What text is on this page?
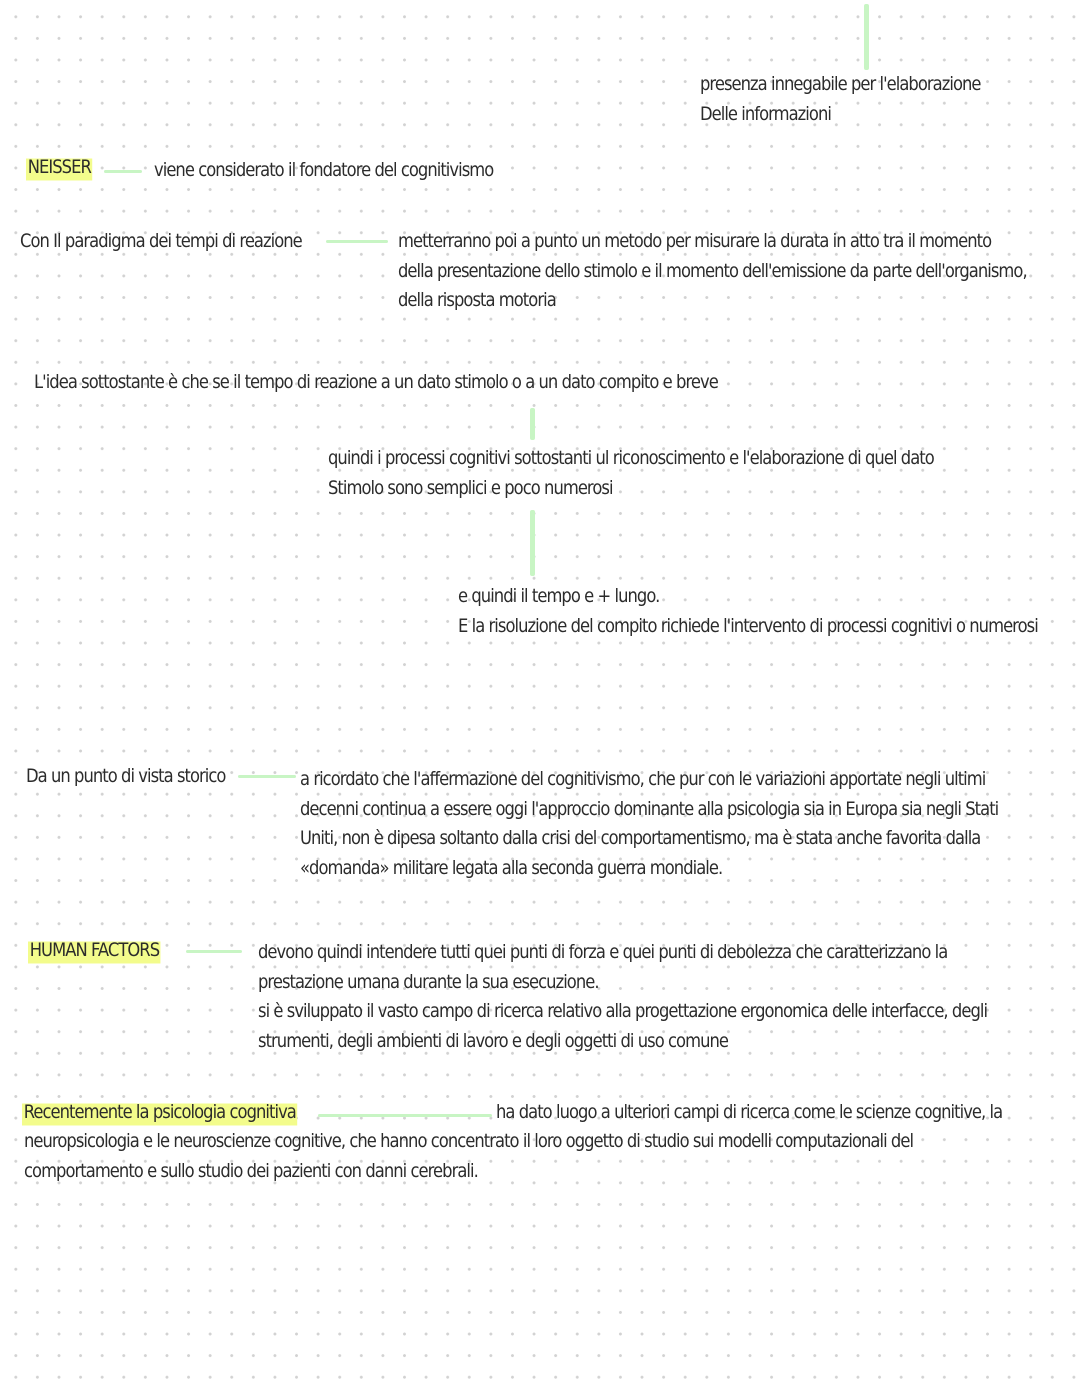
presenza innegabile per l'elaborazione
Delle informazioni
NEISSER	viene considerato il fondatore del cognitivismo
Con Il paradigma dei tempi di reazione	metterranno poi a punto un metodo per misurare la durata in atto tra il momento
della presentazione dello stimolo e il momento dell'emissione da parte dell'organismo,
della risposta motoria
L'idea sottostante è che se il tempo di reazione a un dato stimolo o a un dato compito e breve
quindi i processi cognitivi sottostanti ul riconoscimento e l'elaborazione di quel dato
Stimolo sono semplici e poco numerosi
e quindi il tempo e + lungo.
E la risoluzione del compito richiede l'intervento di processi cognitivi o numerosi
Da un punto di vista storico	a ricordato che l'affermazione del cognitivismo, che pur con le variazioni apportate negli ultimi
decenni continua a essere oggi l'approccio dominante alla psicologia sia in Europa sia negli Stati
Uniti, non è dipesa soltanto dalla crisi del comportamentismo, ma è stata anche favorita dalla
«domanda» militare legata alla seconda guerra mondiale.
HUMAN FACTORS	devono quindi intendere tutti quei punti di forza e quei punti di debolezza che caratterizzano la
prestazione umana durante la sua esecuzione.
si è sviluppato il vasto campo di ricerca relativo alla progettazione ergonomica delle interfacce, degli
strumenti, degli ambienti di lavoro e degli oggetti di uso comune
Recentemente la psicologia cognitiva	ha dato luogo a ulteriori campi di ricerca come le scienze cognitive, la
neuropsicologia e le neuroscienze cognitive, che hanno concentrato il loro oggetto di studio sui modelli computazionali del
comportamento e sullo studio dei pazienti con danni cerebrali.
